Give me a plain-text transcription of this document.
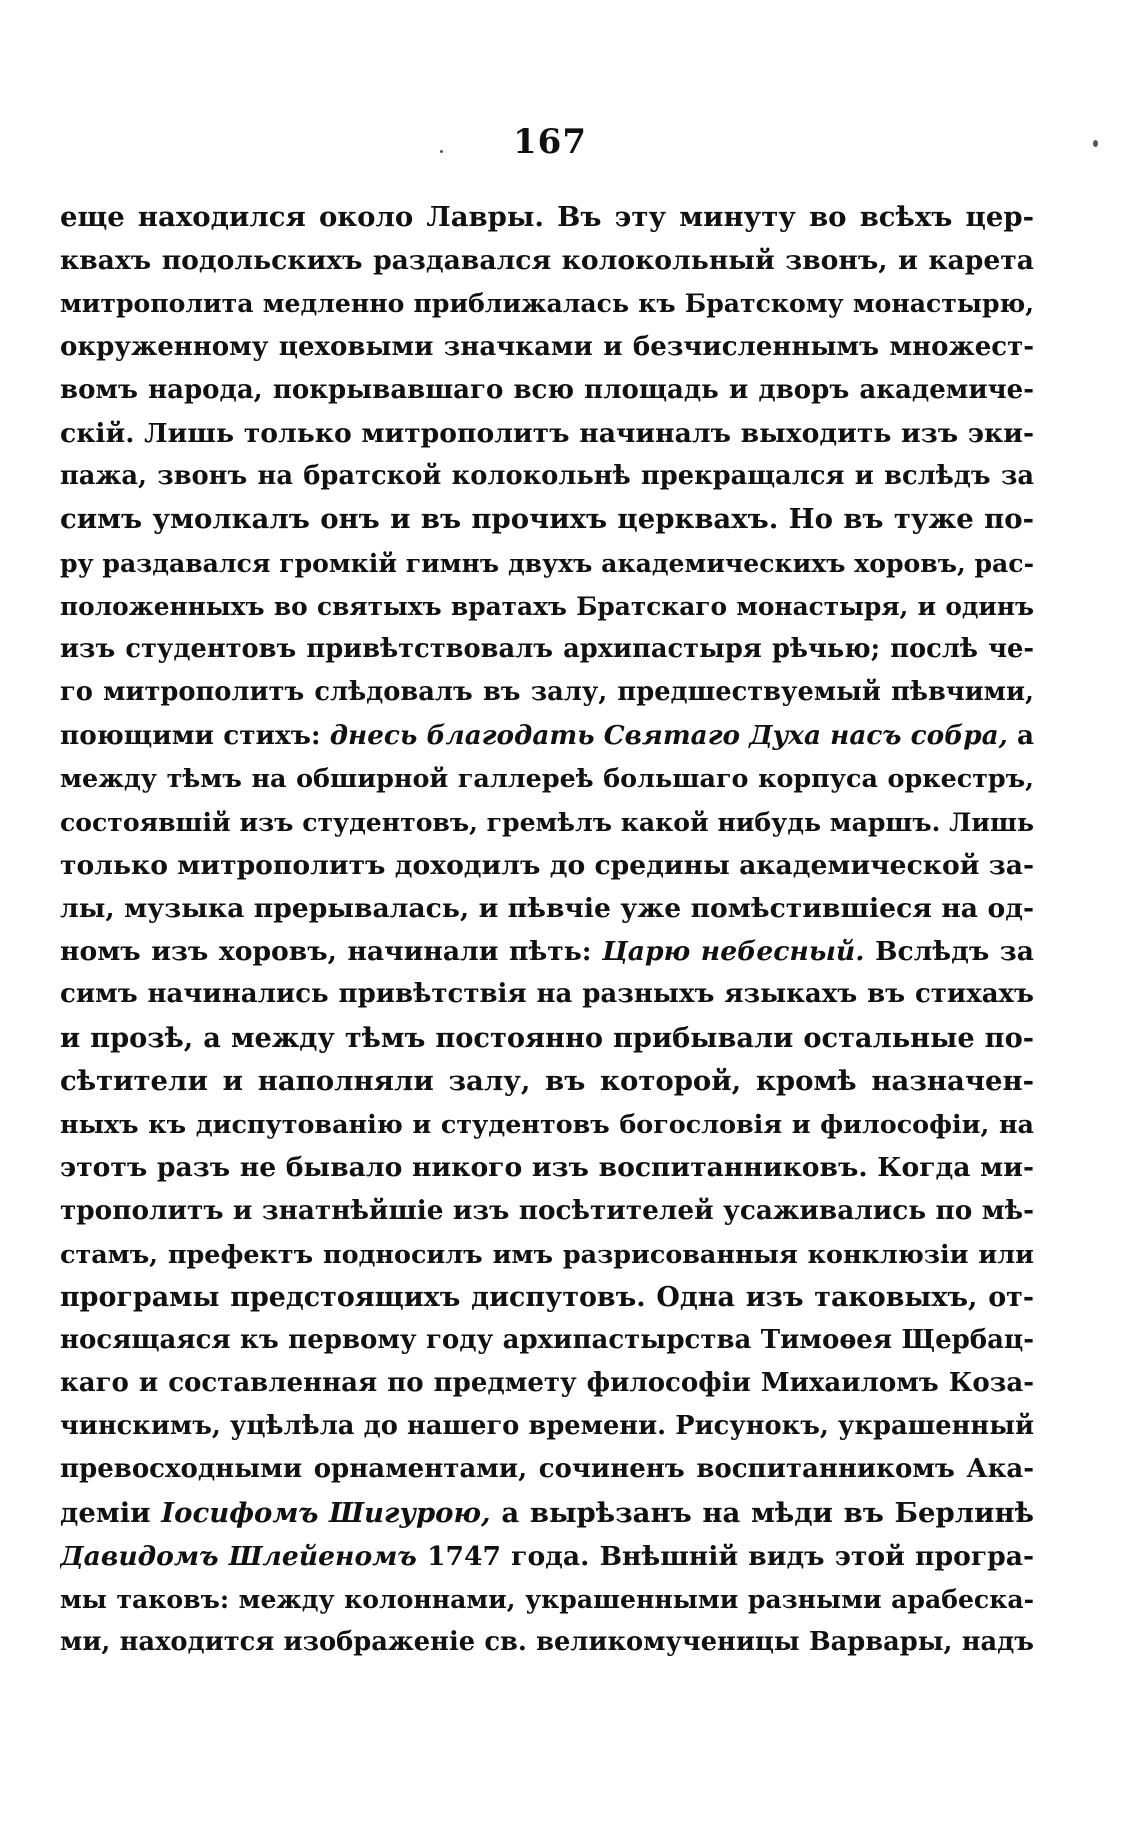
167
еще находился около Лавры. Въ эту минуту во всѣхъ цер-
квахъ подольскихъ раздавался колокольный звонъ, и карета
митрополита медленно приближалась къ Братскому монастырю,
окруженному цеховыми значками и безчисленнымъ множест-
вомъ народа, покрывавшаго всю площадь и дворъ академиче-
скій. Лишь только митрополитъ начиналъ выходить изъ эки-
пажа, звонъ на братской колокольнѣ прекращался и вслѣдъ за
симъ умолкалъ онъ и въ прочихъ церквахъ. Но въ туже по-
ру раздавался громкій гимнъ двухъ академическихъ хоровъ, рас-
положенныхъ во святыхъ вратахъ Братскаго монастыря, и одинъ
изъ студентовъ привѣтствовалъ архипастыря рѣчью; послѣ че-
го митрополитъ слѣдовалъ въ залу, предшествуемый пѣвчими,
поющими стихъ: днесь благодать Святаго Духа насъ собра, а
между тѣмъ на обширной галлереѣ большаго корпуса оркестръ,
состоявшій изъ студентовъ, гремѣлъ какой нибудь маршъ. Лишь
только митрополитъ доходилъ до средины академической за-
лы, музыка прерывалась, и пѣвчіе уже помѣстившіеся на од-
номъ изъ хоровъ, начинали пѣть: Царю небесный. Вслѣдъ за
симъ начинались привѣтствія на разныхъ языкахъ въ стихахъ
и прозѣ, а между тѣмъ постоянно прибывали остальные по-
сѣтители и наполняли залу, въ которой, кромѣ назначен-
ныхъ къ диспутованію и студентовъ богословія и философіи, на
этотъ разъ не бывало никого изъ воспитанниковъ. Когда ми-
трополитъ и знатнѣйшіе изъ посѣтителей усаживались по мѣ-
стамъ, префектъ подносилъ имъ разрисованныя конклюзіи или
програмы предстоящихъ диспутовъ. Одна изъ таковыхъ, от-
носящаяся къ первому году архипастырства Тимоѳея Щербац-
каго и составленная по предмету философіи Михаиломъ Коза-
чинскимъ, уцѣлѣла до нашего времени. Рисунокъ, украшенный
превосходными орнаментами, сочиненъ воспитанникомъ Ака-
деміи Іосифомъ Шигурою, а вырѣзанъ на мѣди въ Берлинѣ
Давидомъ Шлейеномъ 1747 года. Внѣшній видъ этой програ-
мы таковъ: между колоннами, украшенными разными арабеска-
ми, находится изображеніе св. великомученицы Варвары, надъ
